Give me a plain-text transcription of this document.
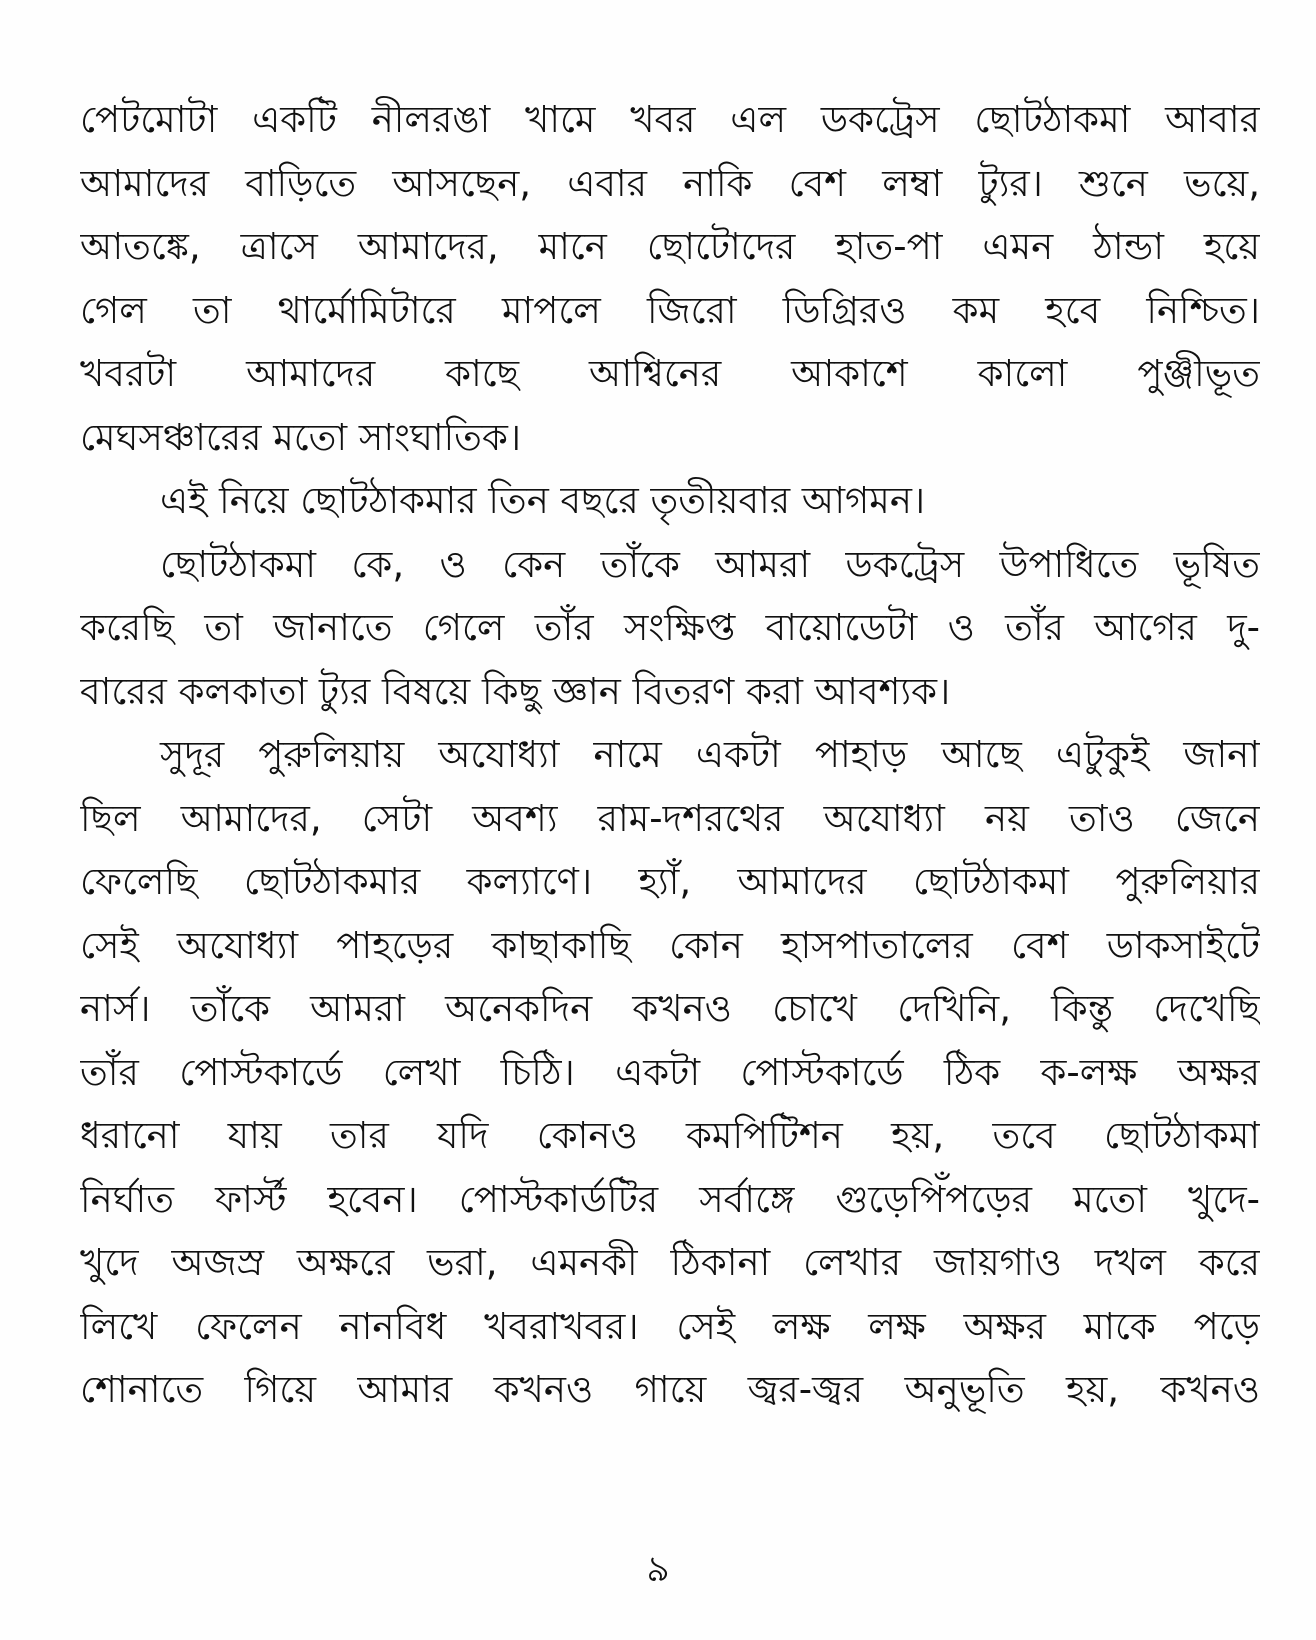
পেটমোটা একটি নীলরঙা খামে খবর এল ডকট্রেস ছোটঠাকমা আবার
আমাদের বাড়িতে আসছেন, এবার নাকি বেশ লম্বা ট্যুর। শুনে ভয়ে,
আতঙ্কে, ত্রাসে আমাদের, মানে ছোটোদের হাত-পা এমন ঠান্ডা হয়ে
গেল তা থার্মোমিটারে মাপলে জিরো ডিগ্রিরও কম হবে নিশ্চিত।
খবরটা আমাদের কাছে আশ্বিনের আকাশে কালো পুঞ্জীভূত
মেঘসঞ্চারের মতো সাংঘাতিক।
এই নিয়ে ছোটঠাকমার তিন বছরে তৃতীয়বার আগমন।
ছোটঠাকমা কে, ও কেন তাঁকে আমরা ডকট্রেস উপাধিতে ভূষিত
করেছি তা জানাতে গেলে তাঁর সংক্ষিপ্ত বায়োডেটা ও তাঁর আগের দু-
বারের কলকাতা ট্যুর বিষয়ে কিছু জ্ঞান বিতরণ করা আবশ্যক।
সুদূর পুরুলিয়ায় অযোধ্যা নামে একটা পাহাড় আছে এটুকুই জানা
ছিল আমাদের, সেটা অবশ্য রাম-দশরথের অযোধ্যা নয় তাও জেনে
ফেলেছি ছোটঠাকমার কল্যাণে। হ্যাঁ, আমাদের ছোটঠাকমা পুরুলিয়ার
সেই অযোধ্যা পাহড়ের কাছাকাছি কোন হাসপাতালের বেশ ডাকসাইটে
নার্স। তাঁকে আমরা অনেকদিন কখনও চোখে দেখিনি, কিন্তু দেখেছি
তাঁর পোস্টকার্ডে লেখা চিঠি। একটা পোস্টকার্ডে ঠিক ক-লক্ষ অক্ষর
ধরানো যায় তার যদি কোনও কমপিটিশন হয়, তবে ছোটঠাকমা
নির্ঘাত ফার্স্ট হবেন। পোস্টকার্ডটির সর্বাঙ্গে গুড়েপিঁপড়ের মতো খুদে-
খুদে অজস্র অক্ষরে ভরা, এমনকী ঠিকানা লেখার জায়গাও দখল করে
লিখে ফেলেন নানবিধ খবরাখবর। সেই লক্ষ লক্ষ অক্ষর মাকে পড়ে
শোনাতে গিয়ে আমার কখনও গায়ে জ্বর-জ্বর অনুভূতি হয়, কখনও
৯
